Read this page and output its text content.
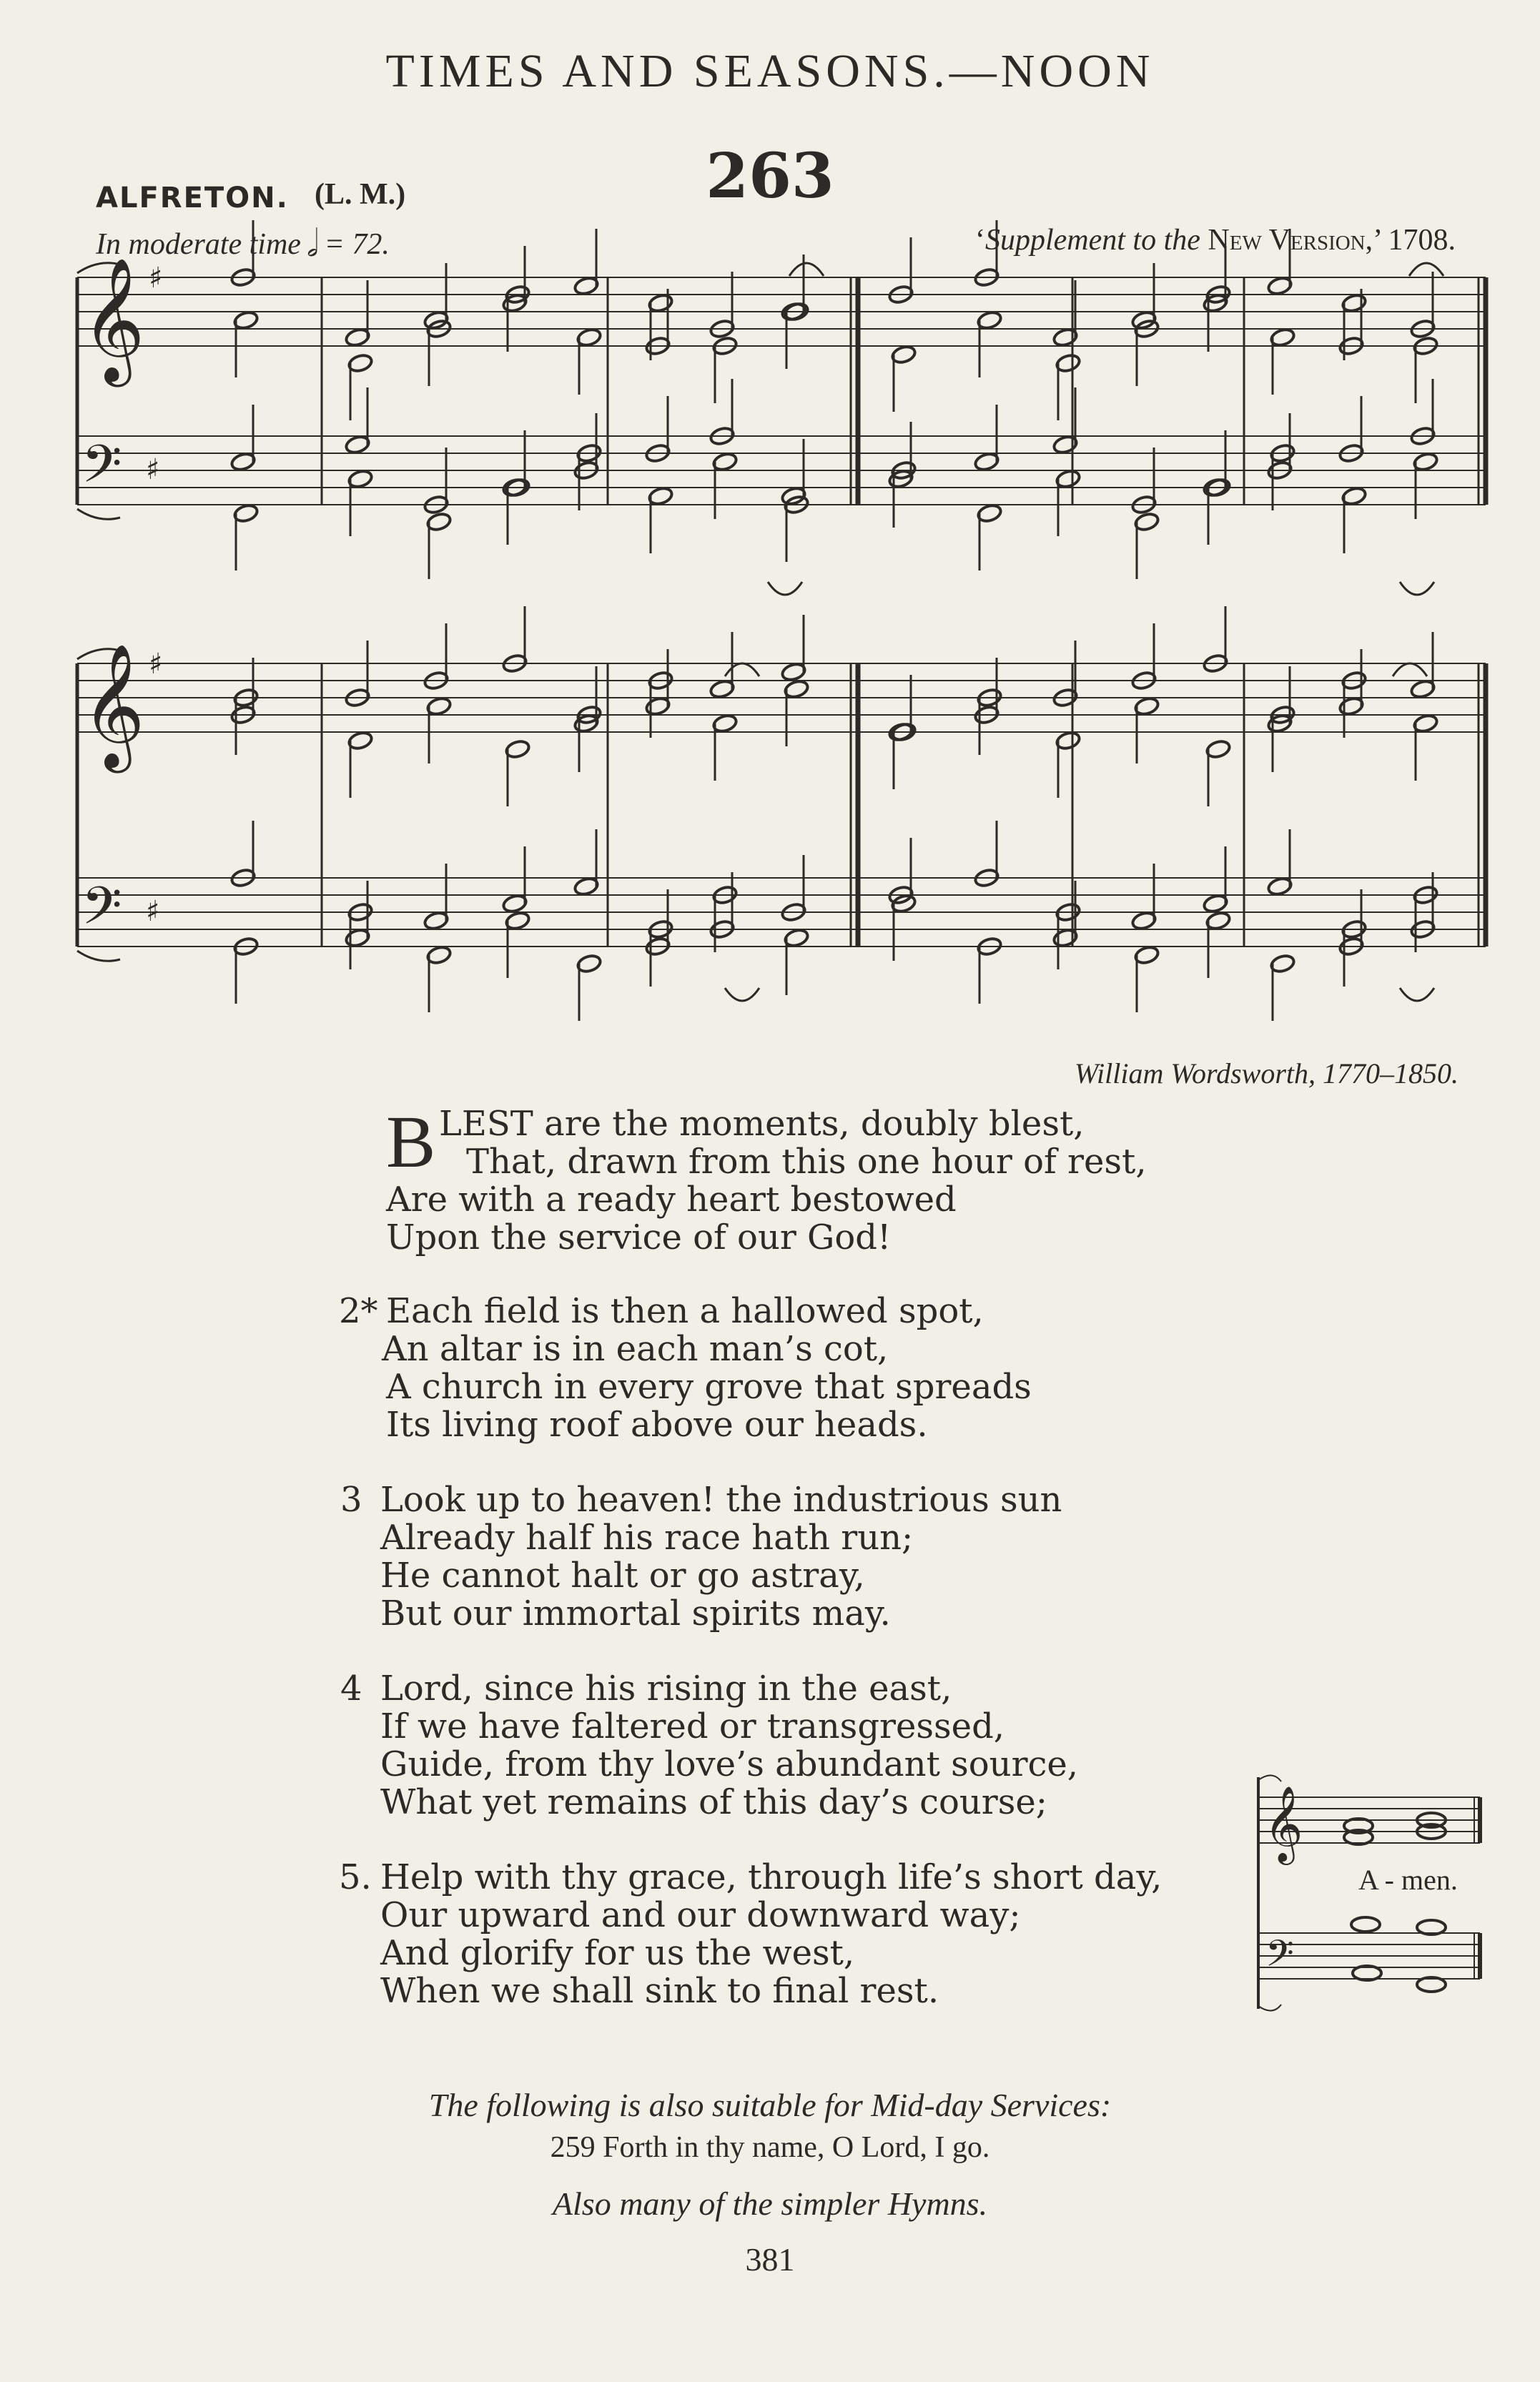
TIMES AND SEASONS.—NOON
263
ALFRETON. (L. M.)
In moderate time 𝅗𝅥 = 72.	‘Supplement to the New Version,’ 1708.
𝄞 ♯
𝄢 ♯
𝄞 ♯
𝄢 ♯
William Wordsworth, 1770–1850.
B LEST are the moments, doubly blest,
That, drawn from this one hour of rest,
Are with a ready heart bestowed
Upon the service of our God!
2* Each field is then a hallowed spot,
An altar is in each man’s cot,
A church in every grove that spreads
Its living roof above our heads.
3 Look up to heaven! the industrious sun
Already half his race hath run;
He cannot halt or go astray,
But our immortal spirits may.
4 Lord, since his rising in the east,
If we have faltered or transgressed,
Guide, from thy love’s abundant source,
What yet remains of this day’s course;
5. Help with thy grace, through life’s short day,
Our upward and our downward way;
And glorify for us the west,
When we shall sink to final rest.
𝄞
𝄢
A - men.
The following is also suitable for Mid-day Services:
259 Forth in thy name, O Lord, I go.
Also many of the simpler Hymns.
381
